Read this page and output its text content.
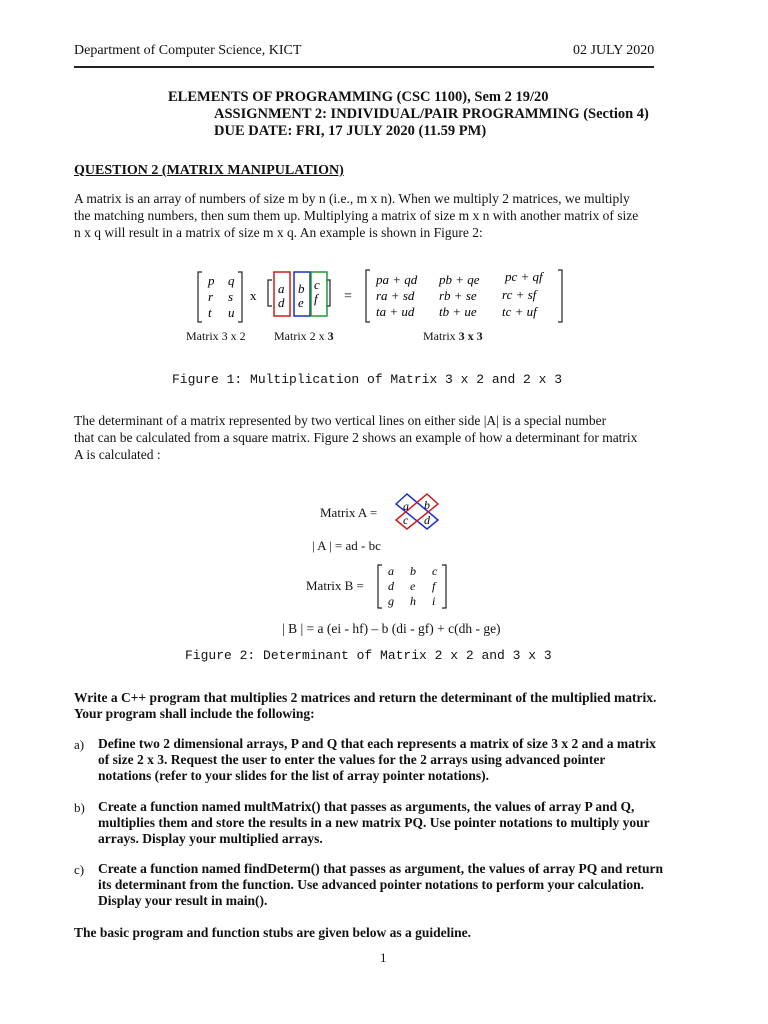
Department of Computer Science, KICT	02 JULY 2020
ELEMENTS OF PROGRAMMING (CSC 1100), Sem 2 19/20
ASSIGNMENT 2: INDIVIDUAL/PAIR PROGRAMMING (Section 4)
DUE DATE: FRI, 17 JULY 2020 (11.59 PM)
QUESTION 2 (MATRIX MANIPULATION)
A matrix is an array of numbers of size m by n (i.e., m x n). When we multiply 2 matrices, we multiply
the matching numbers, then sum them up. Multiplying a matrix of size m x n with another matrix of size
n x q will result in a matrix of size m x q. An example is shown in Figure 2:
p q
r s
t u
x a b c
d e f =
pa + qd pb + qe pc + qf
ra + sd rb + se rc + sf
ta + ud tb + ue tc + uf
Matrix 3 x 2 Matrix 2 x 3	Matrix 3 x 3
Figure 1: Multiplication of Matrix 3 x 2 and 2 x 3
The determinant of a matrix represented by two vertical lines on either side |A| is a special number
that can be calculated from a square matrix. Figure 2 shows an example of how a determinant for matrix
A is calculated :
Matrix A = a b
c d
| A | = ad - bc
Matrix B =
a b c
d e f
g h i
| B | = a (ei - hf) – b (di - gf) + c(dh - ge)
Figure 2: Determinant of Matrix 2 x 2 and 3 x 3
Write a C++ program that multiplies 2 matrices and return the determinant of the multiplied matrix.
Your program shall include the following:
a)	Define two 2 dimensional arrays, P and Q that each represents a matrix of size 3 x 2 and a matrix
of size 2 x 3. Request the user to enter the values for the 2 arrays using advanced pointer
notations (refer to your slides for the list of array pointer notations).
b) Create a function named multMatrix() that passes as arguments, the values of array P and Q,
multiplies them and store the results in a new matrix PQ. Use pointer notations to multiply your
arrays. Display your multiplied arrays.
c)	Create a function named findDeterm() that passes as argument, the values of array PQ and return
its determinant from the function. Use advanced pointer notations to perform your calculation.
Display your result in main().
The basic program and function stubs are given below as a guideline.
1
